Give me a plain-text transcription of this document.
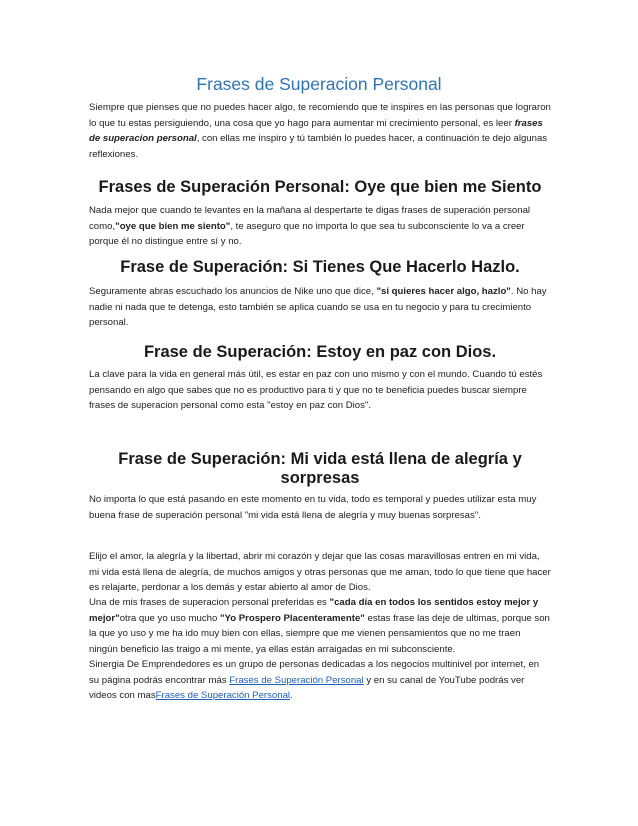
Frases de Superacion Personal

Siempre que pienses que no puedes hacer algo, te recomiendo que te inspires en las personas que lograron lo que tu estas persiguiendo, una cosa que yo hago para aumentar mi crecimiento personal, es leer frases de superacion personal, con ellas me inspiro y tú también lo puedes hacer, a continuación te dejo algunas reflexiones.

Frases de Superación Personal: Oye que bien me Siento

Nada mejor que cuando te levantes en la mañana al despertarte te digas frases de superación personal como,"oye que bien me siento", te aseguro que no importa lo que sea tu subconsciente lo va a creer porque él no distingue entre sí y no.

Frase de Superación: Si Tienes Que Hacerlo Hazlo.

Seguramente abras escuchado los anuncios de Nike uno que dice, "si quieres hacer algo, hazlo". No hay nadie ni nada que te detenga, esto también se aplica cuando se usa en tu negocio y para tu crecimiento personal.

Frase de Superación: Estoy en paz con Dios.

La clave para la vida en general más útil, es estar en paz con uno mismo y con el mundo. Cuando tú estés pensando en algo que sabes que no es productivo para ti y que no te beneficia puedes buscar siempre frases de superacion personal como esta "estoy en paz con Dios".

Frase de Superación: Mi vida está llena de alegría y sorpresas

No importa lo que está pasando en este momento en tu vida, todo es temporal y puedes utilizar esta muy buena frase de superación personal "mi vida está llena de alegría y muy buenas sorpresas".

Elijo el amor, la alegría y la libertad, abrir mi corazón y dejar que las cosas maravillosas entren en mi vida, mi vida está llena de alegría, de muchos amigos y otras personas que me aman, todo lo que tiene que hacer es relajarte, perdonar a los demás y estar abierto al amor de Dios.

Una de mis frases de superacion personal preferidas es "cada día en todos los sentidos estoy mejor y mejor"otra que yo uso mucho "Yo Prospero Placenteramente" estas frase las deje de ultimas, porque son la que yo uso y me ha ido muy bien con ellas, siempre que me vienen pensamientos que no me traen ningún beneficio las traigo a mi mente, ya ellas están arraigadas en mi subconsciente.

Sinergia De Emprendedores es un grupo de personas dedicadas a los negocios multinivel por internet, en su página podrás encontrar más Frases de Superación Personal y en su canal de YouTube podrás ver videos con masFrases de Superación Personal.
